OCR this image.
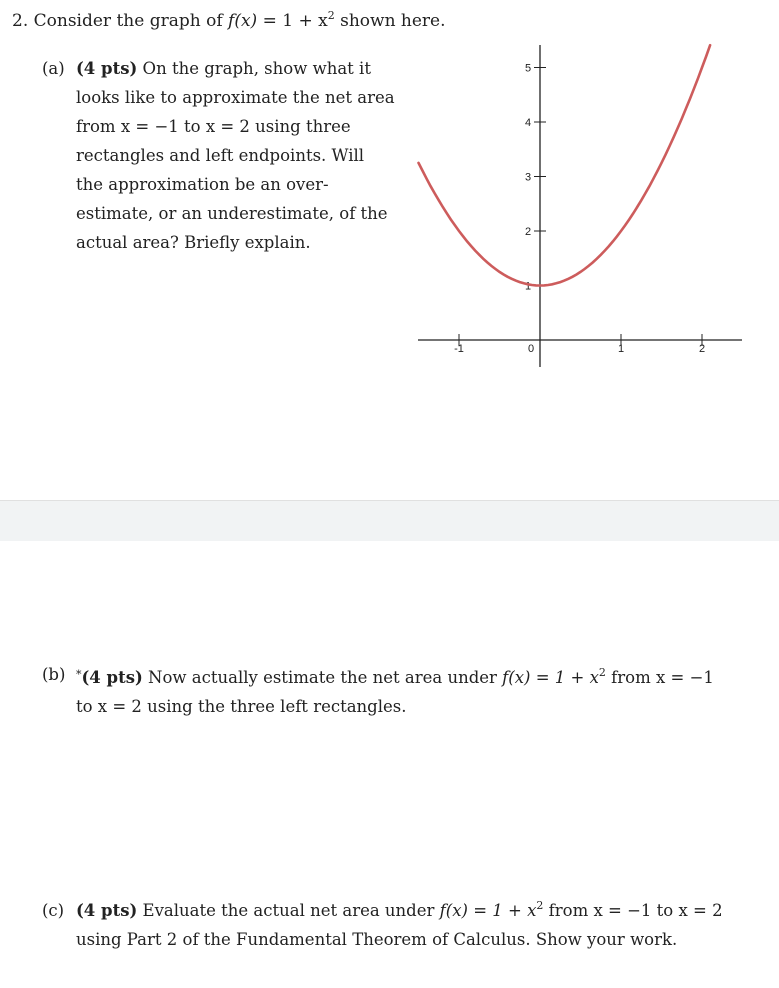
2. Consider the graph of $f(x) = 1 + x^2$ shown here.
(a) (4 pts) On the graph, show what it
looks like to approximate the net area
from x = −1 to x = 2 using three
rectangles and left endpoints. Will
the approximation be an over-
estimate, or an underestimate, of the
actual area? Briefly explain.
-1	0	1	2
1
2
3
4
5
(b) *(4 pts) Now actually estimate the net area under $f(x) = 1 + x^2$ from x = −1
to x = 2 using the three left rectangles.
(c) (4 pts) Evaluate the actual net area under $f(x) = 1 + x^2$ from x = −1 to x = 2
using Part 2 of the Fundamental Theorem of Calculus. Show your work.
